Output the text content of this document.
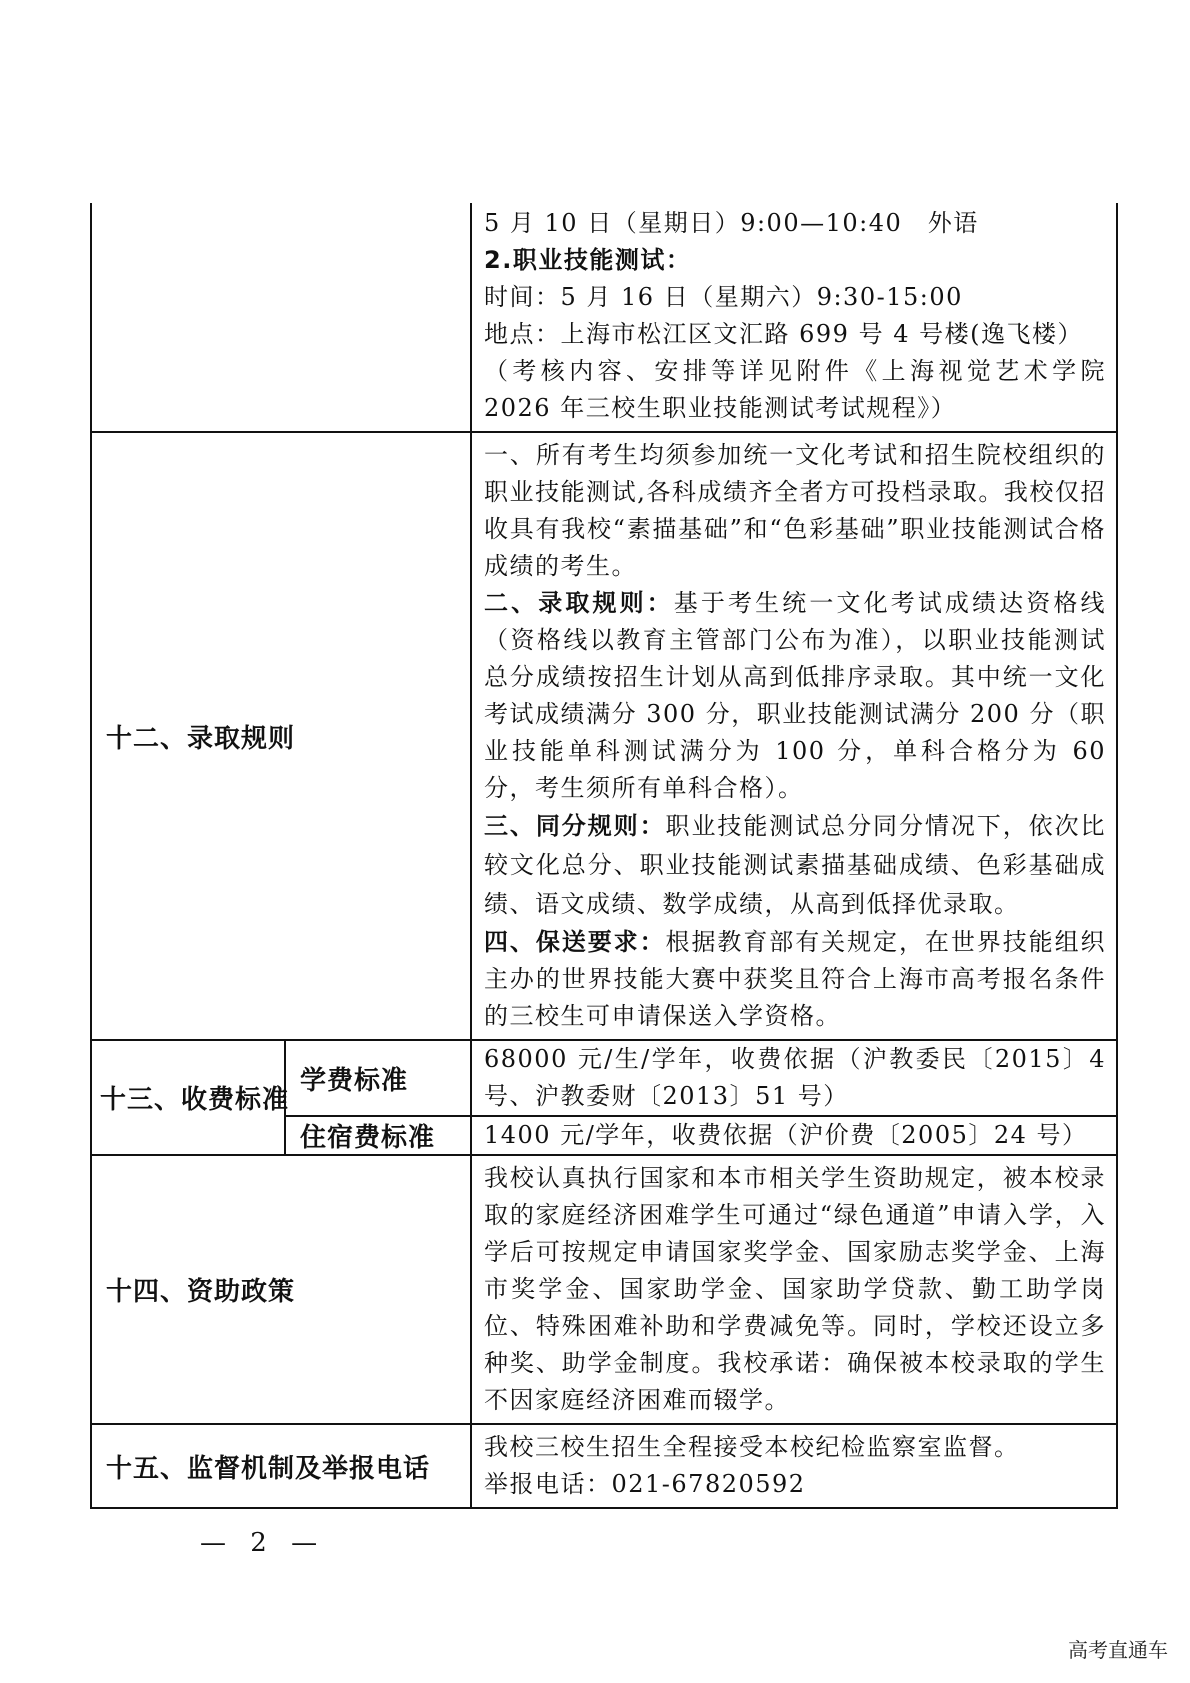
		5 月 10 日（星期日）9:00—10:40　外语

2.职业技能测试：

时间：5 月 16 日（星期六）9:30-15:00

地点：上海市松江区文汇路 699 号 4 号楼(逸飞楼）

（考核内容、安排等详见附件《上海视觉艺术学院 2026 年三校生职业技能测试考试规程》）

十二、录取规则		一、所有考生均须参加统一文化考试和招生院校组织的职业技能测试,各科成绩齐全者方可投档录取。我校仅招收具有我校“素描基础”和“色彩基础”职业技能测试合格成绩的考生。

二、录取规则：基于考生统一文化考试成绩达资格线（资格线以教育主管部门公布为准），以职业技能测试总分成绩按招生计划从高到低排序录取。其中统一文化考试成绩满分 300 分，职业技能测试满分 200 分（职业技能单科测试满分为 100 分，单科合格分为 60 分，考生须所有单科合格）。

三、同分规则：职业技能测试总分同分情况下，依次比较文化总分、职业技能测试素描基础成绩、色彩基础成绩、语文成绩、数学成绩，从高到低择优录取。

四、保送要求：根据教育部有关规定，在世界技能组织主办的世界技能大赛中获奖且符合上海市高考报名条件的三校生可申请保送入学资格。

十三、收费标准	学费标准	68000 元/生/学年，收费依据（沪教委民〔2015〕4 号、沪教委财〔2013〕51 号）

	住宿费标准	1400 元/学年，收费依据（沪价费〔2005〕24 号）

十四、资助政策		我校认真执行国家和本市相关学生资助规定，被本校录取的家庭经济困难学生可通过“绿色通道”申请入学，入学后可按规定申请国家奖学金、国家励志奖学金、上海市奖学金、国家助学金、国家助学贷款、勤工助学岗位、特殊困难补助和学费减免等。同时，学校还设立多种奖、助学金制度。我校承诺：确保被本校录取的学生不因家庭经济困难而辍学。

十五、监督机制及举报电话		我校三校生招生全程接受本校纪检监察室监督。

举报电话：021-67820592

— 2 —
高考直通车
